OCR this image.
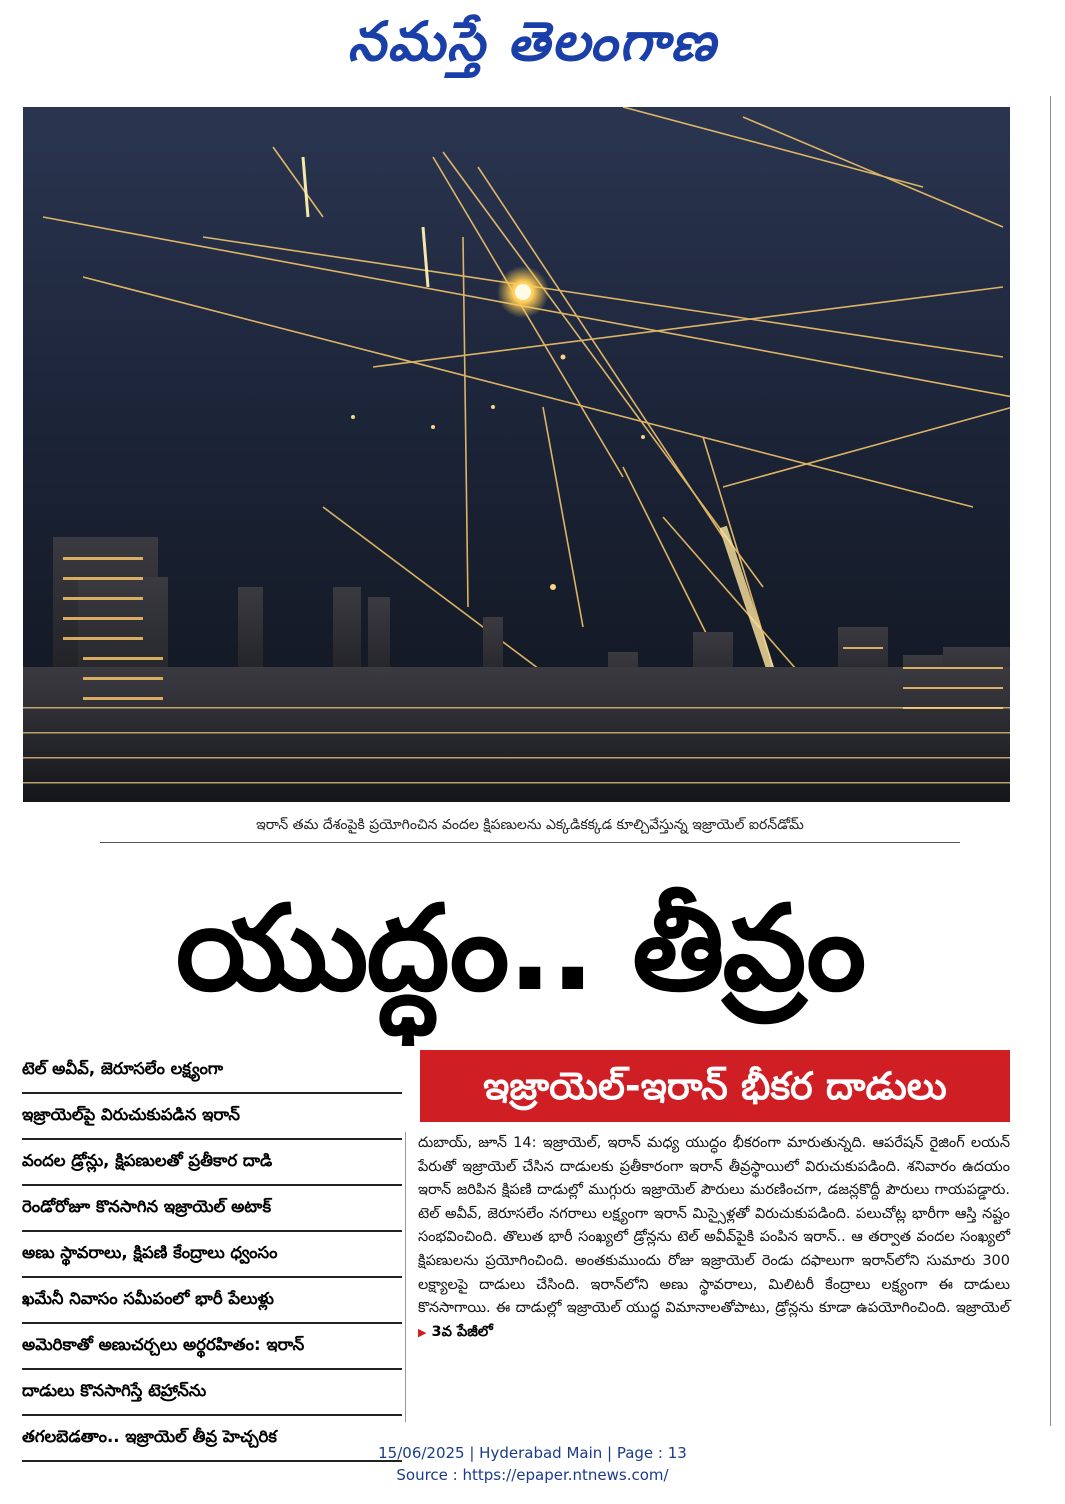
నమస్తే తెలంగాణ
ఇరాన్ తమ దేశంపైకి ప్రయోగించిన వందల క్షిపణులను ఎక్కడికక్కడ కూల్చివేస్తున్న ఇజ్రాయెల్ ఐరన్‌డోమ్
యుద్ధం.. తీవ్రం
ఇజ్రాయెల్-ఇరాన్ భీకర దాడులు
టెల్ అవీవ్, జెరూసలేం లక్ష్యంగా
ఇజ్రాయెల్‌పై విరుచుకుపడిన ఇరాన్
వందల డ్రోన్లు, క్షిపణులతో ప్రతీకార దాడి
రెండోరోజూ కొనసాగిన ఇజ్రాయెల్ అటాక్
అణు స్థావరాలు, క్షిపణి కేంద్రాలు ధ్వంసం
ఖమేనీ నివాసం సమీపంలో భారీ పేలుళ్లు
అమెరికాతో అణుచర్చలు అర్థరహితం: ఇరాన్
దాడులు కొనసాగిస్తే టెహ్రాన్‌ను
తగలబెడతాం.. ఇజ్రాయెల్ తీవ్ర హెచ్చరిక

దుబాయ్, జూన్ 14: ఇజ్రాయెల్, ఇరాన్ మధ్య యుద్ధం భీకరంగా మారుతున్నది. ఆపరేషన్ రైజింగ్ లయన్ పేరుతో ఇజ్రాయెల్ చేసిన దాడులకు ప్రతీకారంగా ఇరాన్ తీవ్రస్థాయిలో విరుచుకుపడింది. శనివారం ఉదయం ఇరాన్ జరిపిన క్షిపణి దాడుల్లో ముగ్గురు ఇజ్రాయెల్ పౌరులు మరణించగా, డజన్లకొద్దీ పౌరులు గాయపడ్డారు. టెల్ అవీవ్, జెరూసలేం నగరాలు లక్ష్యంగా ఇరాన్ మిస్సైళ్లతో విరుచుకుపడింది. పలుచోట్ల భారీగా ఆస్తి నష్టం సంభవించింది. తొలుత భారీ సంఖ్యలో డ్రోన్లను టెల్ అవీవ్‌పైకి పంపిన ఇరాన్.. ఆ తర్వాత వందల సంఖ్యలో క్షిపణులను ప్రయోగించింది. అంతకుముందు రోజు ఇజ్రాయెల్ రెండు దఫాలుగా ఇరాన్‌లోని సుమారు 300 లక్ష్యాలపై దాడులు చేసింది. ఇరాన్‌లోని అణు స్థావరాలు, మిలిటరీ కేంద్రాలు లక్ష్యంగా ఈ దాడులు కొనసాగాయి. ఈ దాడుల్లో ఇజ్రాయెల్ యుద్ధ విమానాలతోపాటు, డ్రోన్లను కూడా ఉపయోగించింది. ఇజ్రాయెల్ ▶ 3వ పేజీలో

15/06/2025 | Hyderabad Main | Page : 13
Source : https://epaper.ntnews.com/
